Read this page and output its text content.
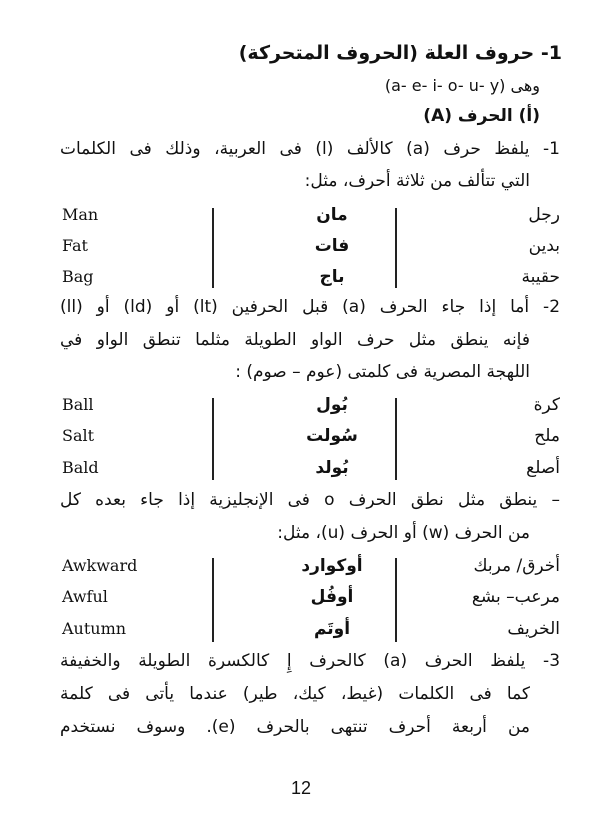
1- حروف العلة (الحروف المتحركة)
وهى (a- e- i- o- u- y)
(أ) الحرف (A)
1- يلفظ حرف (a) كالألف (ا) فى العربية، وذلك فى الكلمات
التي تتألف من ثلاثة أحرف، مثل:
Man	مان	رجل
Fat	فات	بدين
Bag	باج	حقيبة
2- أما إذا جاء الحرف (a) قبل الحرفين (lt) أو (ld) أو (ll)
فإنه ينطق مثل حرف الواو الطويلة مثلما تنطق الواو في
اللهجة المصرية فى كلمتى (عوم – صوم) :
Ball	بُول	كرة
Salt	سُولت	ملح
Bald	بُولد	أصلع
– ينطق مثل نطق الحرف o فى الإنجليزية إذا جاء بعده كل
من الحرف (w) أو الحرف (u)، مثل:
Awkward	أوكوارد	أخرق/ مربك
Awful	أوفُل	مرعب– بشع
Autumn	أوتَم	الخريف
3- يلفظ الحرف (a) كالحرف إِ كالكسرة الطويلة والخفيفة
كما فى الكلمات (غيط، كيك، طير) عندما يأتى فى كلمة
من أربعة أحرف تنتهى بالحرف (e). وسوف نستخدم
12
